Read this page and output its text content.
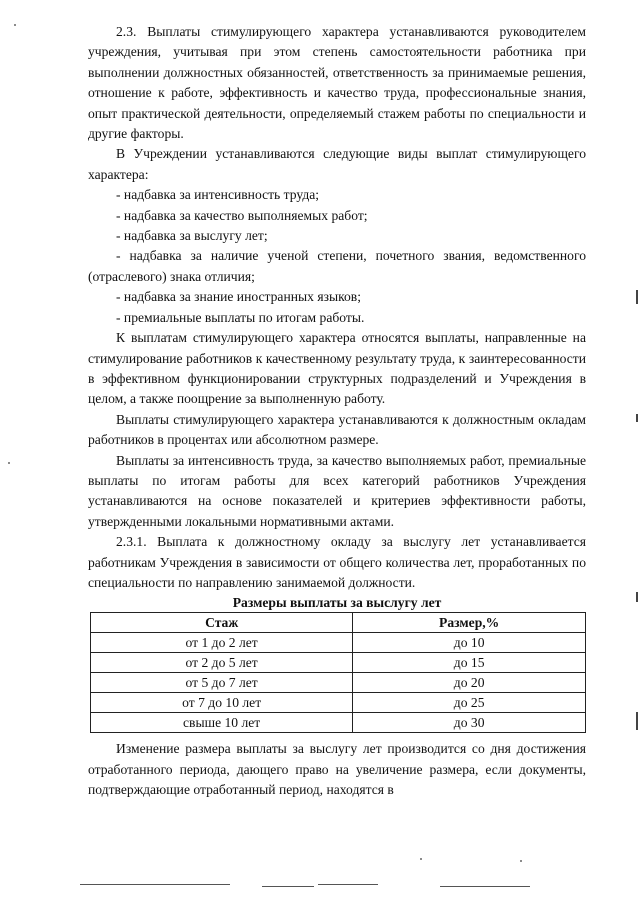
2.3. Выплаты стимулирующего характера устанавливаются руководителем учреждения, учитывая при этом степень самостоятельности работника при выполнении должностных обязанностей, ответственность за принимаемые решения, отношение к работе, эффективность и качество труда, профессиональные знания, опыт практической деятельности, определяемый стажем работы по специальности и другие факторы.

В Учреждении устанавливаются следующие виды выплат стимулирующего характера:

- надбавка за интенсивность труда;

- надбавка за качество выполняемых работ;

- надбавка за выслугу лет;

- надбавка за наличие ученой степени, почетного звания, ведомственного (отраслевого) знака отличия;

- надбавка за знание иностранных языков;

- премиальные выплаты по итогам работы.

К выплатам стимулирующего характера относятся выплаты, направленные на стимулирование работников к качественному результату труда, к заинтересованности в эффективном функционировании структурных подразделений и Учреждения в целом, а также поощрение за выполненную работу.

Выплаты стимулирующего характера устанавливаются к должностным окладам работников в процентах или абсолютном размере.

Выплаты за интенсивность труда, за качество выполняемых работ, премиальные выплаты по итогам работы для всех категорий работников Учреждения устанавливаются на основе показателей и критериев эффективности работы, утвержденными локальными нормативными актами.

2.3.1. Выплата к должностному окладу за выслугу лет устанавливается работникам Учреждения в зависимости от общего количества лет, проработанных по специальности по направлению занимаемой должности.

Размеры выплаты за выслугу лет

Стаж	Размер,%
от 1 до 2 лет	до 10
от 2 до 5 лет	до 15
от 5 до 7 лет	до 20
от 7 до 10 лет	до 25
свыше 10 лет	до 30

Изменение размера выплаты за выслугу лет производится со дня достижения отработанного периода, дающего право на увеличение размера, если документы, подтверждающие отработанный период, находятся в
